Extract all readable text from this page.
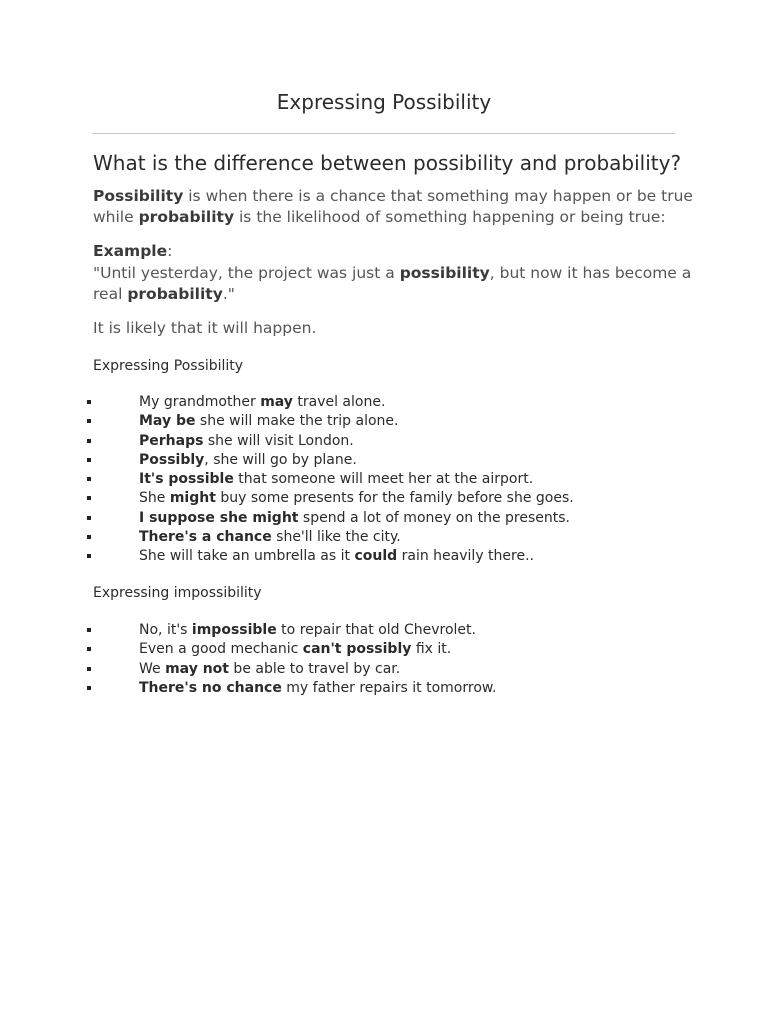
Expressing Possibility
What is the difference between possibility and probability?
Possibility is when there is a chance that something may happen or be true while probability is the likelihood of something happening or being true:
Example:
"Until yesterday, the project was just a possibility, but now it has become a real probability."
It is likely that it will happen.
Expressing Possibility
My grandmother may travel alone.
May be she will make the trip alone.
Perhaps she will visit London.
Possibly, she will go by plane.
It's possible that someone will meet her at the airport.
She might buy some presents for the family before she goes.
I suppose she might spend a lot of money on the presents.
There's a chance she'll like the city.
She will take an umbrella as it could rain heavily there..
Expressing impossibility
No, it's impossible to repair that old Chevrolet.
Even a good mechanic can't possibly fix it.
We may not be able to travel by car.
There's no chance my father repairs it tomorrow.
